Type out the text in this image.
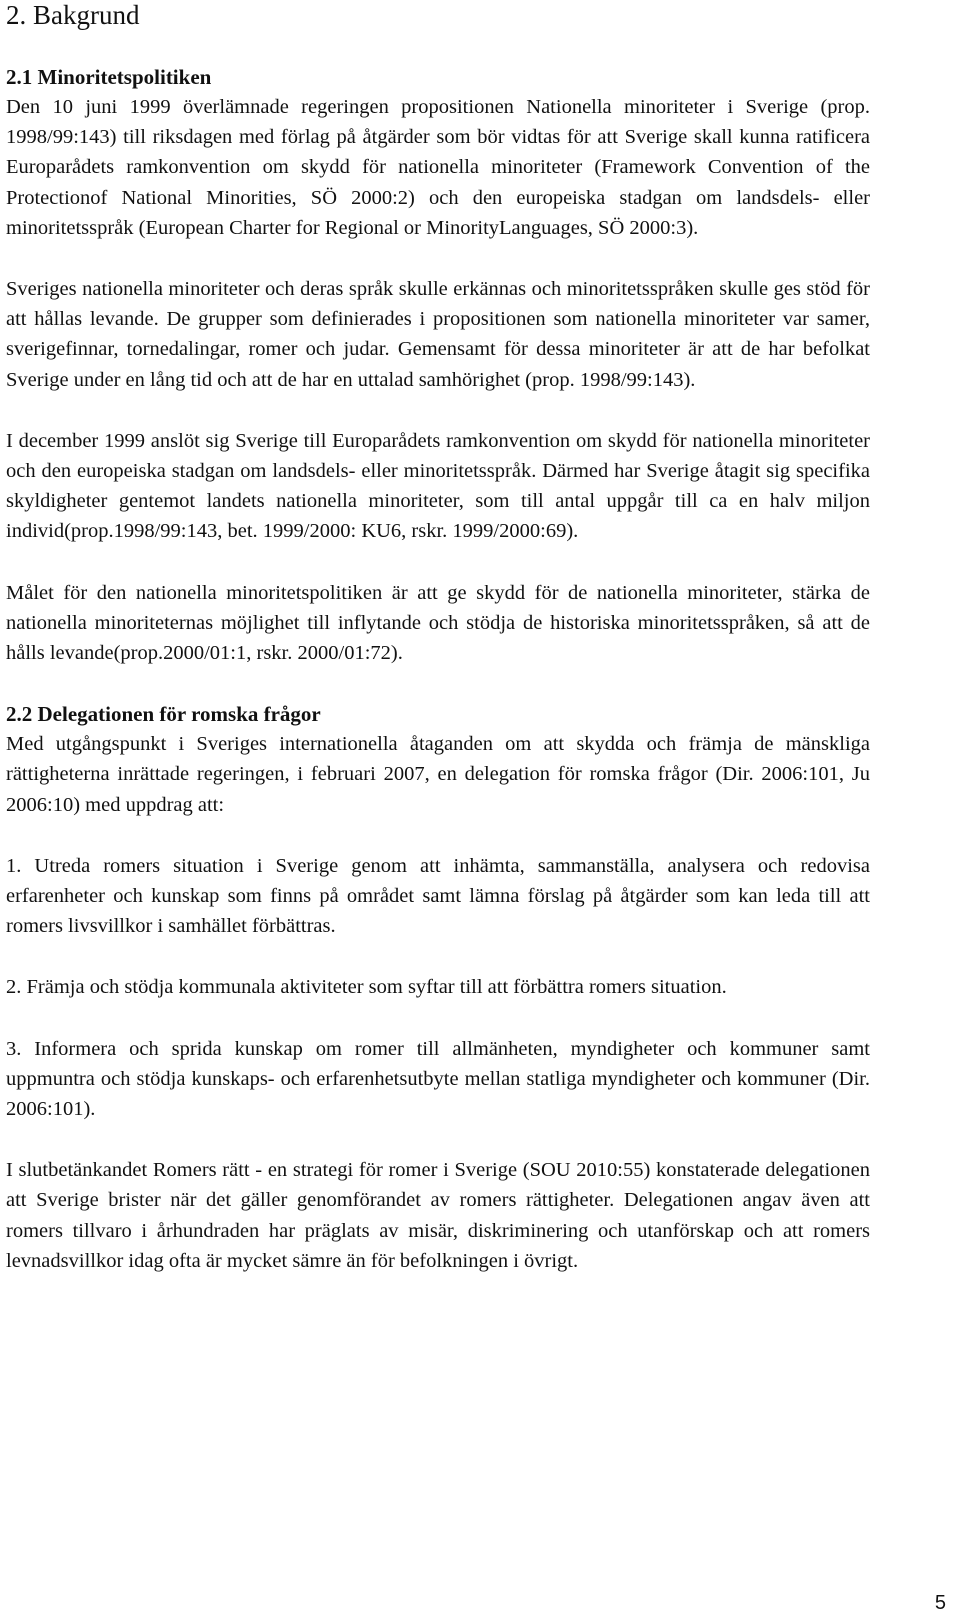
2. Bakgrund
2.1 Minoritetspolitiken

Den 10 juni 1999 överlämnade regeringen propositionen Nationella minoriteter i Sverige (prop. 1998/99:143) till riksdagen med förlag på åtgärder som bör vidtas för att Sverige skall kunna ratificera Europarådets ramkonvention om skydd för nationella minoriteter (Framework Convention of the Protectionof National Minorities, SÖ 2000:2) och den europeiska stadgan om landsdels- eller minoritetsspråk (European Charter for Regional or MinorityLanguages, SÖ 2000:3).

Sveriges nationella minoriteter och deras språk skulle erkännas och minoritetsspråken skulle ges stöd för att hållas levande. De grupper som definierades i propositionen som nationella minoriteter var samer, sverigefinnar, tornedalingar, romer och judar. Gemensamt för dessa minoriteter är att de har befolkat Sverige under en lång tid och att de har en uttalad samhörighet (prop. 1998/99:143).

I december 1999 anslöt sig Sverige till Europarådets ramkonvention om skydd för nationella minoriteter och den europeiska stadgan om landsdels- eller minoritetsspråk. Därmed har Sverige åtagit sig specifika skyldigheter gentemot landets nationella minoriteter, som till antal uppgår till ca en halv miljon individ(prop.1998/99:143, bet. 1999/2000: KU6, rskr. 1999/2000:69).

Målet för den nationella minoritetspolitiken är att ge skydd för de nationella minoriteter, stärka de nationella minoriteternas möjlighet till inflytande och stödja de historiska minoritetsspråken, så att de hålls levande(prop.2000/01:1, rskr. 2000/01:72).

2.2 Delegationen för romska frågor

Med utgångspunkt i Sveriges internationella åtaganden om att skydda och främja de mänskliga rättigheterna inrättade regeringen, i februari 2007, en delegation för romska frågor (Dir. 2006:101, Ju 2006:10) med uppdrag att:

1. Utreda romers situation i Sverige genom att inhämta, sammanställa, analysera och redovisa erfarenheter och kunskap som finns på området samt lämna förslag på åtgärder som kan leda till att romers livsvillkor i samhället förbättras.

2. Främja och stödja kommunala aktiviteter som syftar till att förbättra romers situation.

3. Informera och sprida kunskap om romer till allmänheten, myndigheter och kommuner samt uppmuntra och stödja kunskaps- och erfarenhetsutbyte mellan statliga myndigheter och kommuner (Dir. 2006:101).

I slutbetänkandet Romers rätt - en strategi för romer i Sverige (SOU 2010:55) konstaterade delegationen att Sverige brister när det gäller genomförandet av romers rättigheter. Delegationen angav även att romers tillvaro i århundraden har präglats av misär, diskriminering och utanförskap och att romers levnadsvillkor idag ofta är mycket sämre än för befolkningen i övrigt.

5
